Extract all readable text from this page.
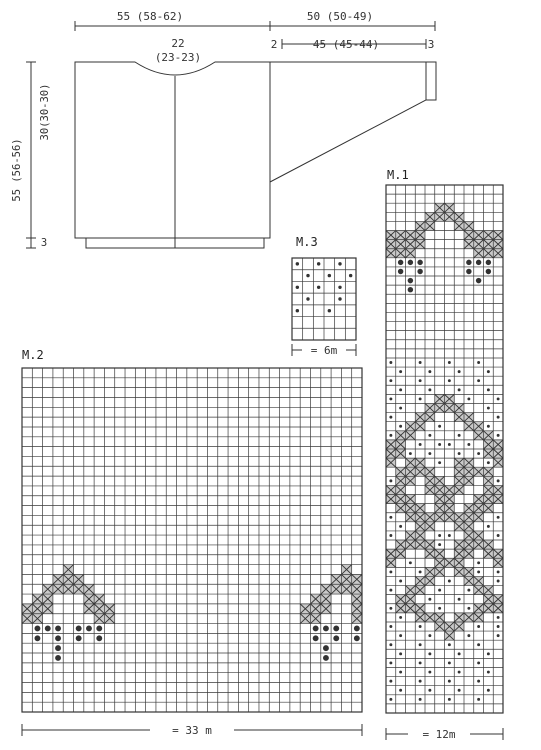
55 (58-62)	50 (50-49)
22
(23-23)
2	45 (45-44)	3
55 (56-56)
30(30-30)
3
M.1
= 12m
M.3
= 6m
M.2
= 33 m
